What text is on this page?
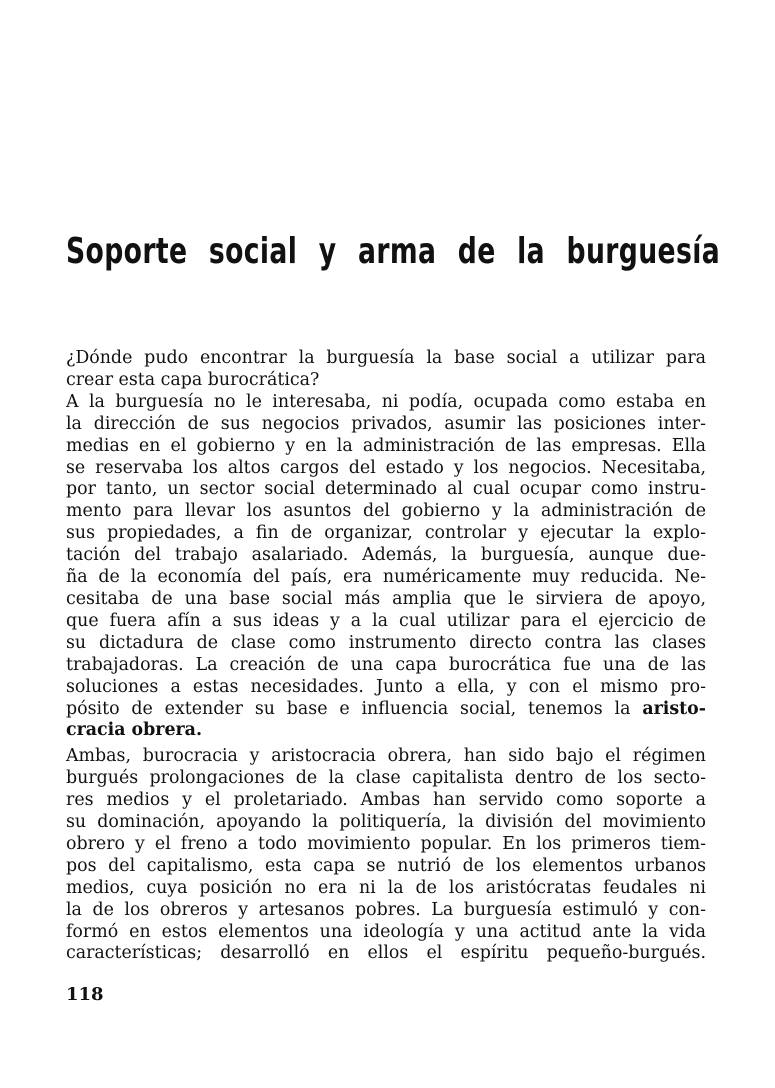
Soporte social y arma de la burguesía

¿Dónde pudo encontrar la burguesía la base social a utilizar para
crear esta capa burocrática?
A la burguesía no le interesaba, ni podía, ocupada como estaba en
la dirección de sus negocios privados, asumir las posiciones inter-
medias en el gobierno y en la administración de las empresas. Ella
se reservaba los altos cargos del estado y los negocios. Necesitaba,
por tanto, un sector social determinado al cual ocupar como instru-
mento para llevar los asuntos del gobierno y la administración de
sus propiedades, a fin de organizar, controlar y ejecutar la explo-
tación del trabajo asalariado. Además, la burguesía, aunque due-
ña de la economía del país, era numéricamente muy reducida. Ne-
cesitaba de una base social más amplia que le sirviera de apoyo,
que fuera afín a sus ideas y a la cual utilizar para el ejercicio de
su dictadura de clase como instrumento directo contra las clases
trabajadoras. La creación de una capa burocrática fue una de las
soluciones a estas necesidades. Junto a ella, y con el mismo pro-
pósito de extender su base e influencia social, tenemos la aristo-
cracia obrera.

Ambas, burocracia y aristocracia obrera, han sido bajo el régimen
burgués prolongaciones de la clase capitalista dentro de los secto-
res medios y el proletariado. Ambas han servido como soporte a
su dominación, apoyando la politiquería, la división del movimiento
obrero y el freno a todo movimiento popular. En los primeros tiem-
pos del capitalismo, esta capa se nutrió de los elementos urbanos
medios, cuya posición no era ni la de los aristócratas feudales ni
la de los obreros y artesanos pobres. La burguesía estimuló y con-
formó en estos elementos una ideología y una actitud ante la vida
características; desarrolló en ellos el espíritu pequeño-burgués.

118
